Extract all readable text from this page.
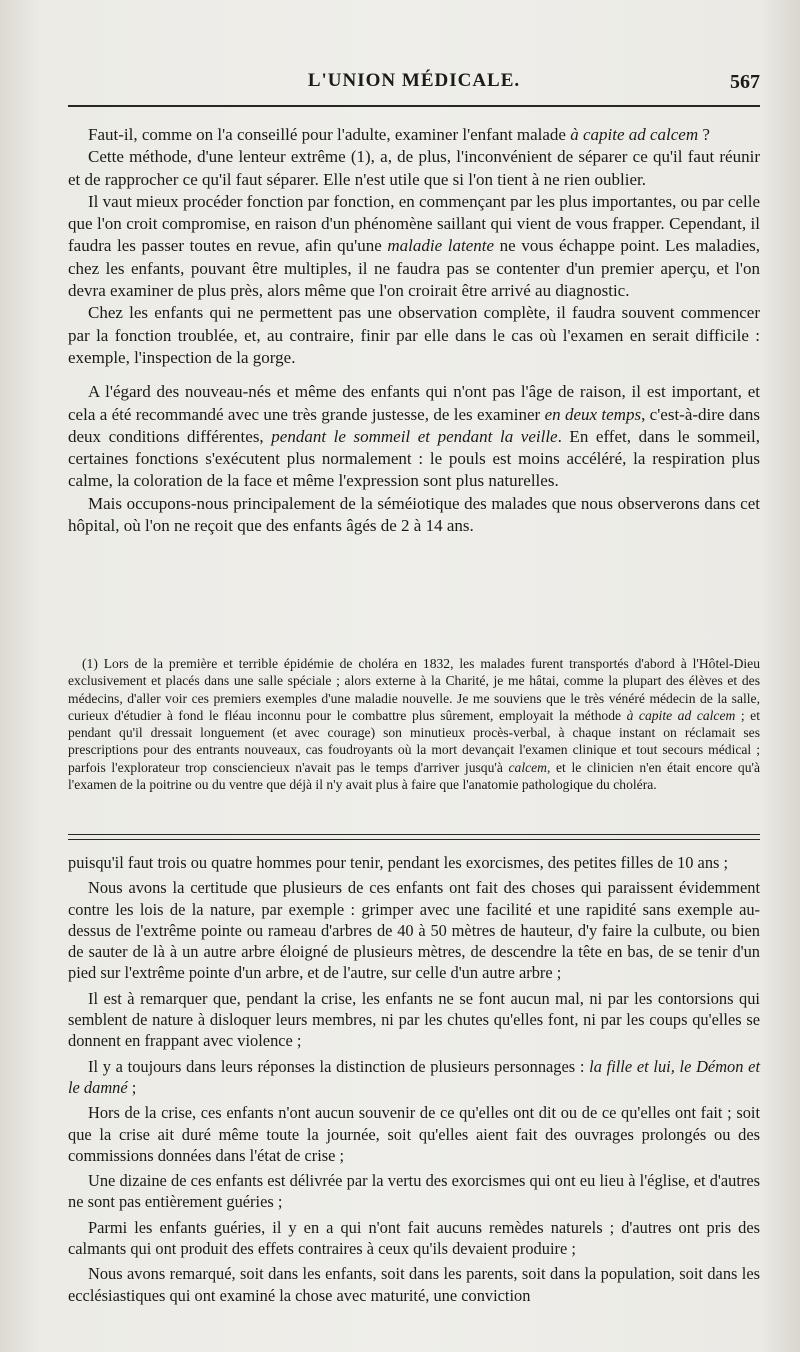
L'UNION MÉDICALE.	567

Faut-il, comme on l'a conseillé pour l'adulte, examiner l'enfant malade à capite ad calcem ?

Cette méthode, d'une lenteur extrême (1), a, de plus, l'inconvénient de séparer ce qu'il faut réunir et de rapprocher ce qu'il faut séparer. Elle n'est utile que si l'on tient à ne rien oublier.

Il vaut mieux procéder fonction par fonction, en commençant par les plus importantes, ou par celle que l'on croit compromise, en raison d'un phénomène saillant qui vient de vous frapper. Cependant, il faudra les passer toutes en revue, afin qu'une maladie latente ne vous échappe point. Les maladies, chez les enfants, pouvant être multiples, il ne faudra pas se contenter d'un premier aperçu, et l'on devra examiner de plus près, alors même que l'on croirait être arrivé au diagnostic.

Chez les enfants qui ne permettent pas une observation complète, il faudra souvent commencer par la fonction troublée, et, au contraire, finir par elle dans le cas où l'examen en serait difficile : exemple, l'inspection de la gorge.

A l'égard des nouveau-nés et même des enfants qui n'ont pas l'âge de raison, il est important, et cela a été recommandé avec une très grande justesse, de les examiner en deux temps, c'est-à-dire dans deux conditions différentes, pendant le sommeil et pendant la veille. En effet, dans le sommeil, certaines fonctions s'exécutent plus normalement : le pouls est moins accéléré, la respiration plus calme, la coloration de la face et même l'expression sont plus naturelles.

Mais occupons-nous principalement de la séméiotique des malades que nous observerons dans cet hôpital, où l'on ne reçoit que des enfants âgés de 2 à 14 ans.

(1) Lors de la première et terrible épidémie de choléra en 1832, les malades furent transportés d'abord à l'Hôtel-Dieu exclusivement et placés dans une salle spéciale ; alors externe à la Charité, je me hâtai, comme la plupart des élèves et des médecins, d'aller voir ces premiers exemples d'une maladie nouvelle. Je me souviens que le très vénéré médecin de la salle, curieux d'étudier à fond le fléau inconnu pour le combattre plus sûrement, employait la méthode à capite ad calcem ; et pendant qu'il dressait longuement (et avec courage) son minutieux procès-verbal, à chaque instant on réclamait ses prescriptions pour des entrants nouveaux, cas foudroyants où la mort devançait l'examen clinique et tout secours médical ; parfois l'explorateur trop consciencieux n'avait pas le temps d'arriver jusqu'à calcem, et le clinicien n'en était encore qu'à l'examen de la poitrine ou du ventre que déjà il n'y avait plus à faire que l'anatomie pathologique du choléra.

puisqu'il faut trois ou quatre hommes pour tenir, pendant les exorcismes, des petites filles de 10 ans ;

Nous avons la certitude que plusieurs de ces enfants ont fait des choses qui paraissent évidemment contre les lois de la nature, par exemple : grimper avec une facilité et une rapidité sans exemple au-dessus de l'extrême pointe ou rameau d'arbres de 40 à 50 mètres de hauteur, d'y faire la culbute, ou bien de sauter de là à un autre arbre éloigné de plusieurs mètres, de descendre la tête en bas, de se tenir d'un pied sur l'extrême pointe d'un arbre, et de l'autre, sur celle d'un autre arbre ;

Il est à remarquer que, pendant la crise, les enfants ne se font aucun mal, ni par les contorsions qui semblent de nature à disloquer leurs membres, ni par les chutes qu'elles font, ni par les coups qu'elles se donnent en frappant avec violence ;

Il y a toujours dans leurs réponses la distinction de plusieurs personnages : la fille et lui, le Démon et le damné ;

Hors de la crise, ces enfants n'ont aucun souvenir de ce qu'elles ont dit ou de ce qu'elles ont fait ; soit que la crise ait duré même toute la journée, soit qu'elles aient fait des ouvrages prolongés ou des commissions données dans l'état de crise ;

Une dizaine de ces enfants est délivrée par la vertu des exorcismes qui ont eu lieu à l'église, et d'autres ne sont pas entièrement guéries ;

Parmi les enfants guéries, il y en a qui n'ont fait aucuns remèdes naturels ; d'autres ont pris des calmants qui ont produit des effets contraires à ceux qu'ils devaient produire ;

Nous avons remarqué, soit dans les enfants, soit dans les parents, soit dans la population, soit dans les ecclésiastiques qui ont examiné la chose avec maturité, une conviction
